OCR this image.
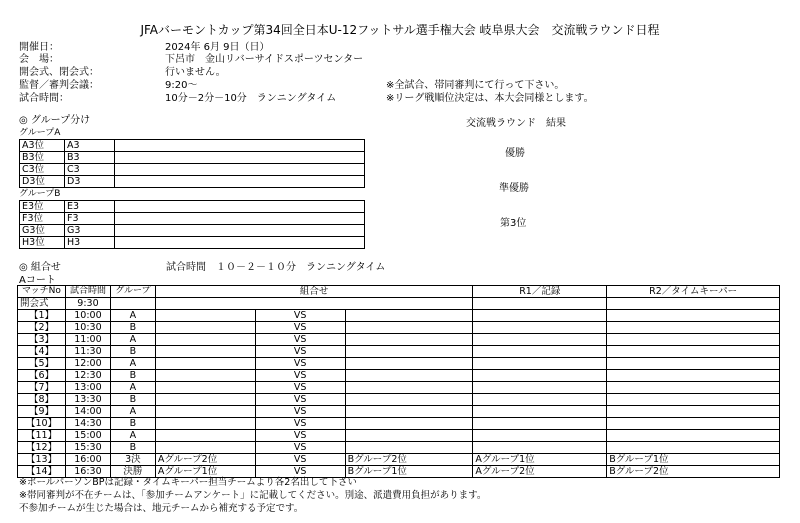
JFAバーモントカップ第34回全日本U-12フットサル選手権大会 岐阜県大会　交流戦ラウンド日程
開催日：	2024年 6月 9日（日）
会　場：	下呂市　金山リバーサイドスポーツセンター
開会式、閉会式：	行いません。
監督／審判会議：	9:20～
試合時間：	10分－2分－10分　ランニングタイム
※全試合、帯同審判にて行って下さい。
※リーグ戦順位決定は、本大会同様とします。
◎ グループ分け
グループA
A3位	A3	
B3位	B3	
C3位	C3	
D3位	D3	
グループB
E3位	E3	
F3位	F3	
G3位	G3	
H3位	H3	
交流戦ラウンド　結果
優勝
準優勝
第3位
◎ 組合せ	試合時間　１０－２－１０分　ランニングタイム
Aコート
マッチNo	試合時間	グループ	組合せ			R1／記録	R2／タイムキーパー
開会式	9:30						
【1】	10:00	A		VS			
【2】	10:30	B		VS			
【3】	11:00	A		VS			
【4】	11:30	B		VS			
【5】	12:00	A		VS			
【6】	12:30	B		VS			
【7】	13:00	A		VS			
【8】	13:30	B		VS			
【9】	14:00	A		VS			
【10】	14:30	B		VS			
【11】	15:00	A		VS			
【12】	15:30	B		VS			
【13】	16:00	3決	Aグループ2位	VS	Bグループ2位	Aグループ1位	Bグループ1位
【14】	16:30	決勝	Aグループ1位	VS	Bグループ1位	Aグループ2位	Bグループ2位
※ボールパーソンBPは記録・タイムキーパー担当チームより各2名出して下さい
※帯同審判が不在チームは、「参加チームアンケート」に記載してください。別途、派遣費用負担があります。
不参加チームが生じた場合は、地元チームから補充する予定です。
